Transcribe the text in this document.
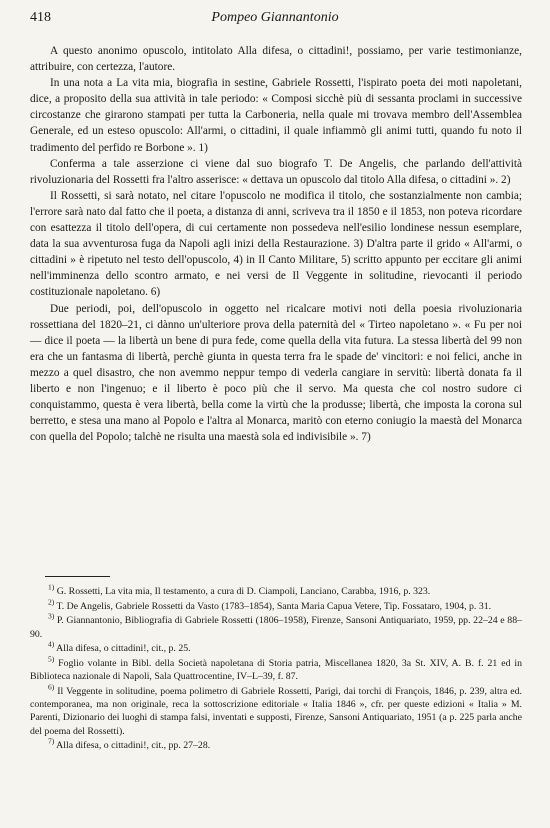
418	Pompeo Giannantonio

A questo anonimo opuscolo, intitolato Alla difesa, o cittadini!, possiamo, per varie testimonianze, attribuire, con certezza, l'autore.

In una nota a La vita mia, biografia in sestine, Gabriele Rossetti, l'ispirato poeta dei moti napoletani, dice, a proposito della sua attività in tale periodo: « Composi sicchè più di sessanta proclami in successive circostanze che girarono stampati per tutta la Carboneria, nella quale mi trovava membro dell'Assemblea Generale, ed un esteso opuscolo: All'armi, o cittadini, il quale infiammò gli animi tutti, quando fu noto il tradimento del perfido re Borbone ». 1)

Conferma a tale asserzione ci viene dal suo biografo T. De Angelis, che parlando dell'attività rivoluzionaria del Rossetti fra l'altro asserisce: « dettava un opuscolo dal titolo Alla difesa, o cittadini ». 2)

Il Rossetti, si sarà notato, nel citare l'opuscolo ne modifica il titolo, che sostanzialmente non cambia; l'errore sarà nato dal fatto che il poeta, a distanza di anni, scriveva tra il 1850 e il 1853, non poteva ricordare con esattezza il titolo dell'opera, di cui certamente non possedeva nell'esilio londinese nessun esemplare, data la sua avventurosa fuga da Napoli agli inizi della Restaurazione. 3) D'altra parte il grido « All'armi, o cittadini » è ripetuto nel testo dell'opuscolo, 4) in Il Canto Militare, 5) scritto appunto per eccitare gli animi nell'imminenza dello scontro armato, e nei versi de Il Veggente in solitudine, rievocanti il periodo costituzionale napoletano. 6)

Due periodi, poi, dell'opuscolo in oggetto nel ricalcare motivi noti della poesia rivoluzionaria rossettiana del 1820–21, ci dànno un'ulteriore prova della paternità del « Tirteo napoletano ». « Fu per noi — dice il poeta — la libertà un bene di pura fede, come quella della vita futura. La stessa libertà del 99 non era che un fantasma di libertà, perchè giunta in questa terra fra le spade de' vincitori: e noi felici, anche in mezzo a quel disastro, che non avemmo neppur tempo di vederla cangiare in servitù: libertà donata fa il liberto e non l'ingenuo; e il liberto è poco più che il servo. Ma questa che col nostro sudore ci conquistammo, questa è vera libertà, bella come la virtù che la produsse; libertà, che imposta la corona sul berretto, e stesa una mano al Popolo e l'altra al Monarca, maritò con eterno coniugio la maestà del Monarca con quella del Popolo; talchè ne risulta una maestà sola ed indivisibile ». 7)

$^{1)}$ G. Rossetti, La vita mia, Il testamento, a cura di D. Ciampoli, Lanciano, Carabba, 1916, p. 323.

$^{2)}$ T. De Angelis, Gabriele Rossetti da Vasto (1783–1854), Santa Maria Capua Vetere, Tip. Fossataro, 1904, p. 31.

$^{3)}$ P. Giannantonio, Bibliografia di Gabriele Rossetti (1806–1958), Firenze, Sansoni Antiquariato, 1959, pp. 22–24 e 88–90.

$^{4)}$ Alla difesa, o cittadini!, cit., p. 25.

$^{5)}$ Foglio volante in Bibl. della Società napoletana di Storia patria, Miscellanea 1820, 3a St. XIV, A. B. f. 21 ed in Biblioteca nazionale di Napoli, Sala Quattrocentine, IV–L–39, f. 87.

$^{6)}$ Il Veggente in solitudine, poema polimetro di Gabriele Rossetti, Parigi, dai torchi di François, 1846, p. 239, altra ed. contemporanea, ma non originale, reca la sottoscrizione editoriale « Italia 1846 », cfr. per queste edizioni « Italia » M. Parenti, Dizionario dei luoghi di stampa falsi, inventati e supposti, Firenze, Sansoni Antiquariato, 1951 (a p. 225 parla anche del poema del Rossetti).

$^{7)}$ Alla difesa, o cittadini!, cit., pp. 27–28.
